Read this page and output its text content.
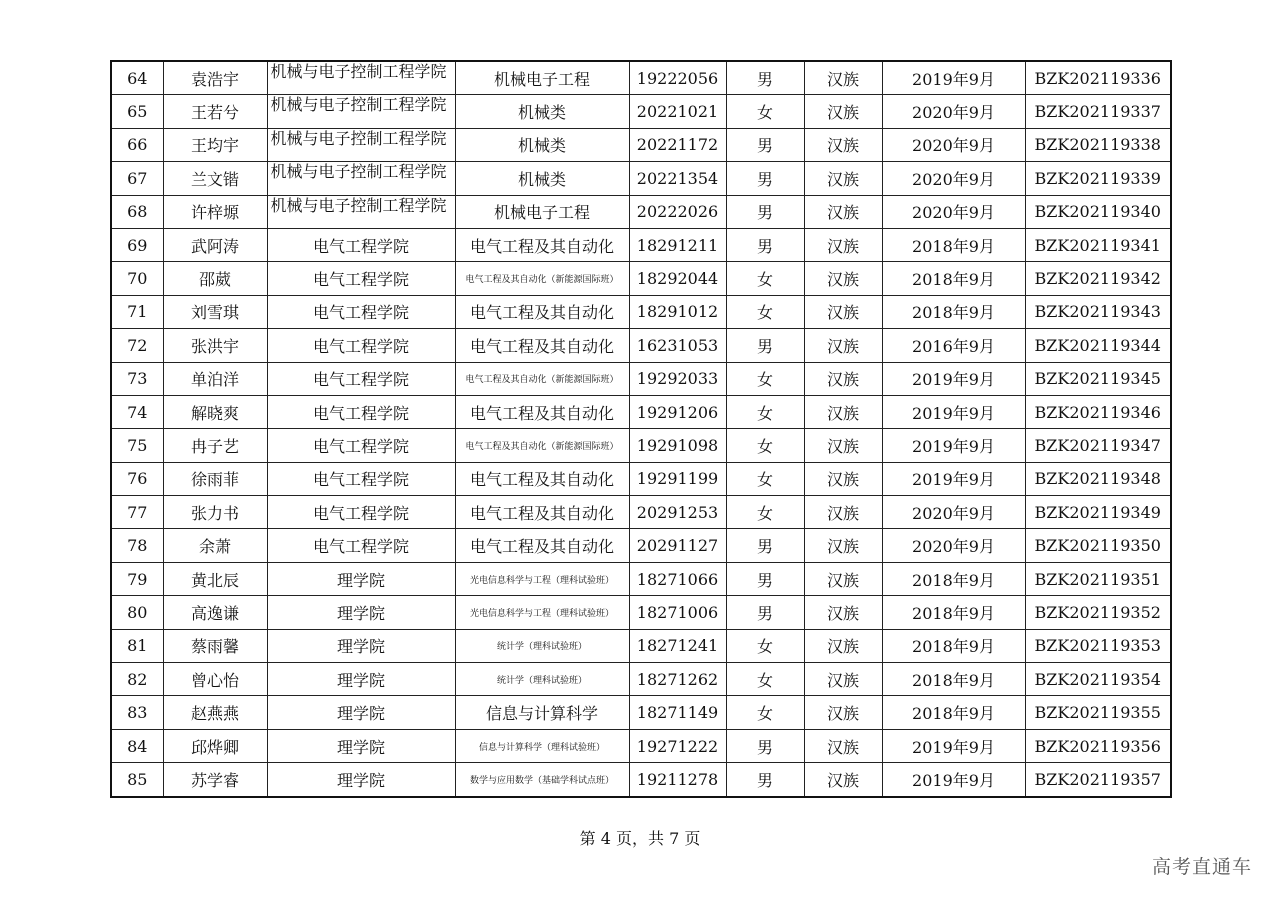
64	袁浩宇	机械与电子控制工程学院	机械电子工程	19222056	男	汉族	2019年9月	BZK202119336
65	王若兮	机械与电子控制工程学院	机械类	20221021	女	汉族	2020年9月	BZK202119337
66	王均宇	机械与电子控制工程学院	机械类	20221172	男	汉族	2020年9月	BZK202119338
67	兰文锴	机械与电子控制工程学院	机械类	20221354	男	汉族	2020年9月	BZK202119339
68	许梓塬	机械与电子控制工程学院	机械电子工程	20222026	男	汉族	2020年9月	BZK202119340
69	武阿涛	电气工程学院	电气工程及其自动化	18291211	男	汉族	2018年9月	BZK202119341
70	邵葳	电气工程学院	电气工程及其自动化（新能源国际班）	18292044	女	汉族	2018年9月	BZK202119342
71	刘雪琪	电气工程学院	电气工程及其自动化	18291012	女	汉族	2018年9月	BZK202119343
72	张洪宇	电气工程学院	电气工程及其自动化	16231053	男	汉族	2016年9月	BZK202119344
73	单泊洋	电气工程学院	电气工程及其自动化（新能源国际班）	19292033	女	汉族	2019年9月	BZK202119345
74	解晓爽	电气工程学院	电气工程及其自动化	19291206	女	汉族	2019年9月	BZK202119346
75	冉子艺	电气工程学院	电气工程及其自动化（新能源国际班）	19291098	女	汉族	2019年9月	BZK202119347
76	徐雨菲	电气工程学院	电气工程及其自动化	19291199	女	汉族	2019年9月	BZK202119348
77	张力书	电气工程学院	电气工程及其自动化	20291253	女	汉族	2020年9月	BZK202119349
78	余萧	电气工程学院	电气工程及其自动化	20291127	男	汉族	2020年9月	BZK202119350
79	黄北辰	理学院	光电信息科学与工程（理科试验班）	18271066	男	汉族	2018年9月	BZK202119351
80	高逸谦	理学院	光电信息科学与工程（理科试验班）	18271006	男	汉族	2018年9月	BZK202119352
81	蔡雨馨	理学院	统计学（理科试验班）	18271241	女	汉族	2018年9月	BZK202119353
82	曾心怡	理学院	统计学（理科试验班）	18271262	女	汉族	2018年9月	BZK202119354
83	赵燕燕	理学院	信息与计算科学	18271149	女	汉族	2018年9月	BZK202119355
84	邱烨卿	理学院	信息与计算科学（理科试验班）	19271222	男	汉族	2019年9月	BZK202119356
85	苏学睿	理学院	数学与应用数学（基础学科试点班）	19211278	男	汉族	2019年9月	BZK202119357
第 4 页，共 7 页
高考直通车
